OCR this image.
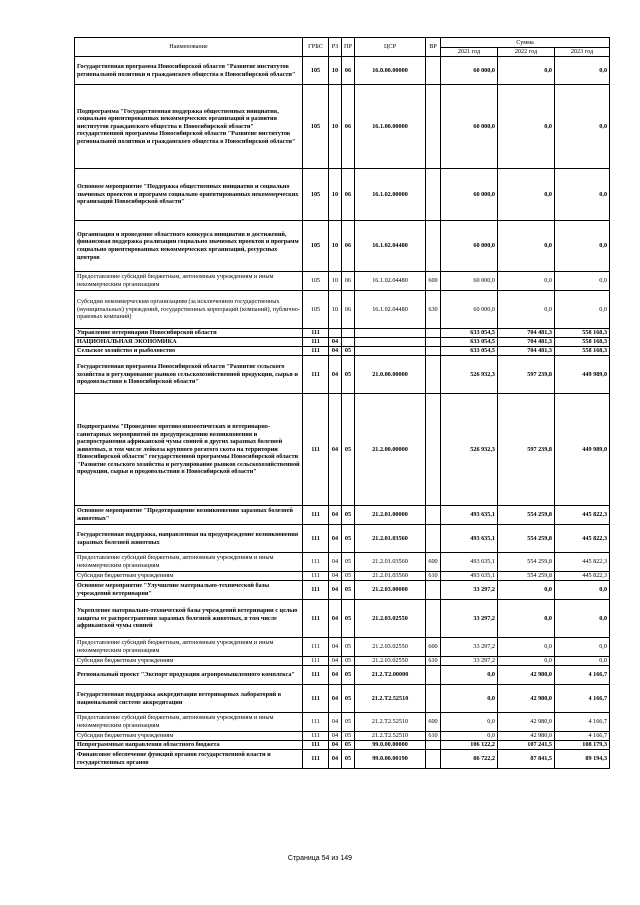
Наименование	ГРБС	РЗ	ПР	ЦСР	ВР	Сумма		
						2021 год	2022 год	2023 год
Государственная программа Новосибирской области "Развитие институтов региональной политики и гражданского общества в Новосибирской области"	105	10	06	16.0.00.00000		60 000,0	0,0	0,0
Подпрограмма "Государственная поддержка общественных инициатив, социально ориентированных некоммерческих организаций и развития институтов гражданского общества в Новосибирской области" государственной программы Новосибирской области "Развитие институтов региональной политики и гражданского общества в Новосибирской области"	105	10	06	16.1.00.00000		60 000,0	0,0	0,0
Основное мероприятие "Поддержка общественных инициатив и социально значимых проектов и программ социально ориентированных некоммерческих организаций Новосибирской области"	105	10	06	16.1.02.00000		60 000,0	0,0	0,0
Организация и проведение областного конкурса инициатив и достижений, финансовая поддержка реализации социально значимых проектов и программ социально ориентированных некоммерческих организаций, ресурсных центров	105	10	06	16.1.02.04480		60 000,0	0,0	0,0
Предоставление субсидий бюджетным, автономным учреждениям и иным некоммерческим организациям	105	10	06	16.1.02.04480	600	60 000,0	0,0	0,0
Субсидии некоммерческим организациям (за исключением государственных (муниципальных) учреждений, государственных корпораций (компаний), публично-правовых компаний)	105	10	06	16.1.02.04480	630	60 000,0	0,0	0,0
Управление ветеринарии Новосибирской области	111					633 054,5	704 481,3	558 168,3
НАЦИОНАЛЬНАЯ ЭКОНОМИКА	111	04				633 054,5	704 481,3	558 168,3
Сельское хозяйство и рыболовство	111	04	05			633 054,5	704 481,3	558 168,3
Государственная программа Новосибирской области "Развитие сельского хозяйства и регулирование рынков сельскохозяйственной продукции, сырья и продовольствия в Новосибирской области"	111	04	05	21.0.00.00000		526 932,3	597 239,8	449 989,0
Подпрограмма "Проведение противоэпизоотических и ветеринарно-санитарных мероприятий по предупреждению возникновения и распространения африканской чумы свиней и других заразных болезней животных, в том числе лейкоза крупного рогатого скота на территории Новосибирской области" государственной программы Новосибирской области "Развитие сельского хозяйства и регулирование рынков сельскохозяйственной продукции, сырья и продовольствия в Новосибирской области"	111	04	05	21.2.00.00000		526 932,3	597 239,8	449 989,0
Основное мероприятие "Предотвращение возникновения заразных болезней животных"	111	04	05	21.2.01.00000		493 635,1	554 259,8	445 822,3
Государственная поддержка, направленная на предупреждение возникновения заразных болезней животных	111	04	05	21.2.01.03560		493 635,1	554 259,8	445 822,3
Предоставление субсидий бюджетным, автономным учреждениям и иным некоммерческим организациям	111	04	05	21.2.01.03560	600	493 635,1	554 259,8	445 822,3
Субсидии бюджетным учреждениям	111	04	05	21.2.01.03560	610	493 635,1	554 259,8	445 822,3
Основное мероприятие "Улучшение материально-технической базы учреждений ветеринарии"	111	04	05	21.2.03.00000		33 297,2	0,0	0,0
Укрепление материально-технической базы учреждений ветеринарии с целью защиты от распространения заразных болезней животных, в том числе африканской чумы свиней	111	04	05	21.2.03.02550		33 297,2	0,0	0,0
Предоставление субсидий бюджетным, автономным учреждениям и иным некоммерческим организациям	111	04	05	21.2.03.02550	600	33 297,2	0,0	0,0
Субсидии бюджетным учреждениям	111	04	05	21.2.03.02550	610	33 297,2	0,0	0,0
Региональный проект "Экспорт продукции агропромышленного комплекса"	111	04	05	21.2.T2.00000		0,0	42 980,0	4 166,7
Государственная поддержка аккредитации ветеринарных лабораторий в национальной системе аккредитации	111	04	05	21.2.T2.52510		0,0	42 980,0	4 166,7
Предоставление субсидий бюджетным, автономным учреждениям и иным некоммерческим организациям	111	04	05	21.2.T2.52510	600	0,0	42 980,0	4 166,7
Субсидии бюджетным учреждениям	111	04	05	21.2.T2.52510	610	0,0	42 980,0	4 166,7
Непрограммные направления областного бюджета	111	04	05	99.0.00.00000		106 122,2	107 241,5	108 179,3
Финансовое обеспечение функций органов государственной власти и государственных органов	111	04	05	99.0.00.00190		86 722,2	87 841,5	89 194,3
Страница 54 из 149
